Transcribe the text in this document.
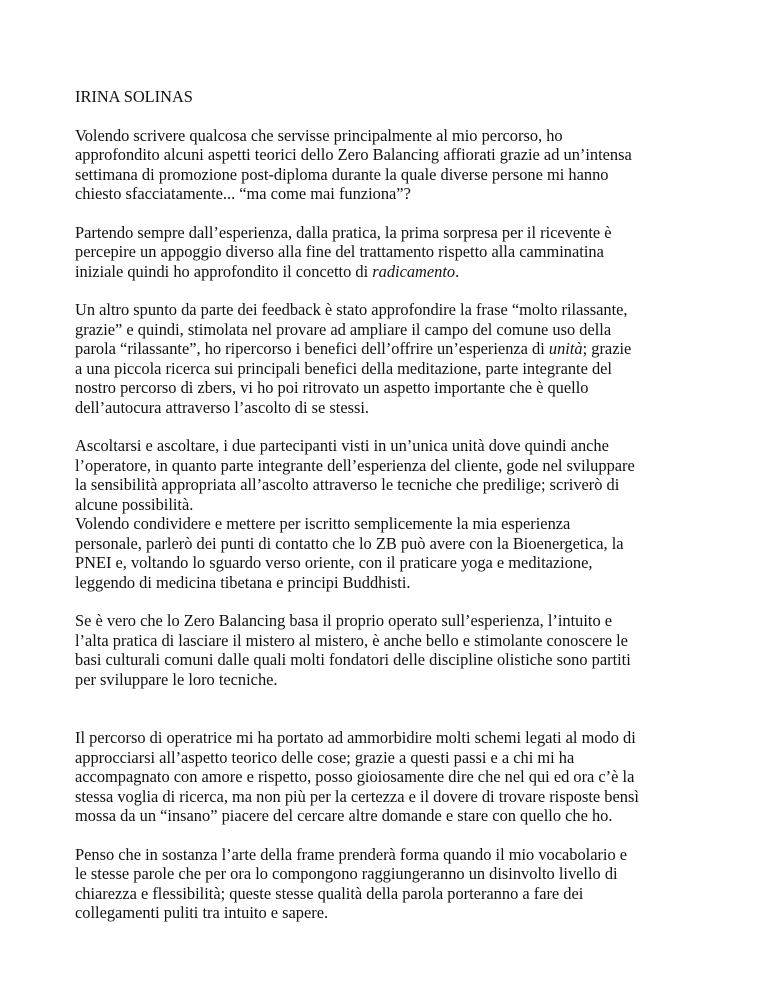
IRINA SOLINAS
Volendo scrivere qualcosa che servisse principalmente al mio percorso, ho
approfondito alcuni aspetti teorici dello Zero Balancing affiorati grazie ad un’intensa
settimana di promozione post-diploma durante la quale diverse persone mi hanno
chiesto sfacciatamente... “ma come mai funziona”?
Partendo sempre dall’esperienza, dalla pratica, la prima sorpresa per il ricevente è
percepire un appoggio diverso alla fine del trattamento rispetto alla camminatina
iniziale quindi ho approfondito il concetto di radicamento.
Un altro spunto da parte dei feedback è stato approfondire la frase “molto rilassante,
grazie” e quindi, stimolata nel provare ad ampliare il campo del comune uso della
parola “rilassante”, ho ripercorso i benefici dell’offrire un’esperienza di unità; grazie
a una piccola ricerca sui principali benefici della meditazione, parte integrante del
nostro percorso di zbers, vi ho poi ritrovato un aspetto importante che è quello
dell’autocura attraverso l’ascolto di se stessi.
Ascoltarsi e ascoltare, i due partecipanti visti in un’unica unità dove quindi anche
l’operatore, in quanto parte integrante dell’esperienza del cliente, gode nel sviluppare
la sensibilità appropriata all’ascolto attraverso le tecniche che predilige; scriverò di
alcune possibilità.
Volendo condividere e mettere per iscritto semplicemente la mia esperienza
personale, parlerò dei punti di contatto che lo ZB può avere con la Bioenergetica, la
PNEI e, voltando lo sguardo verso oriente, con il praticare yoga e meditazione,
leggendo di medicina tibetana e principi Buddhisti.
Se è vero che lo Zero Balancing basa il proprio operato sull’esperienza, l’intuito e
l’alta pratica di lasciare il mistero al mistero, è anche bello e stimolante conoscere le
basi culturali comuni dalle quali molti fondatori delle discipline olistiche sono partiti
per sviluppare le loro tecniche.
Il percorso di operatrice mi ha portato ad ammorbidire molti schemi legati al modo di
approcciarsi all’aspetto teorico delle cose; grazie a questi passi e a chi mi ha
accompagnato con amore e rispetto, posso gioiosamente dire che nel qui ed ora c’è la
stessa voglia di ricerca, ma non più per la certezza e il dovere di trovare risposte bensì
mossa da un “insano” piacere del cercare altre domande e stare con quello che ho.
Penso che in sostanza l’arte della frame prenderà forma quando il mio vocabolario e
le stesse parole che per ora lo compongono raggiungeranno un disinvolto livello di
chiarezza e flessibilità; queste stesse qualità della parola porteranno a fare dei
collegamenti puliti tra intuito e sapere.
